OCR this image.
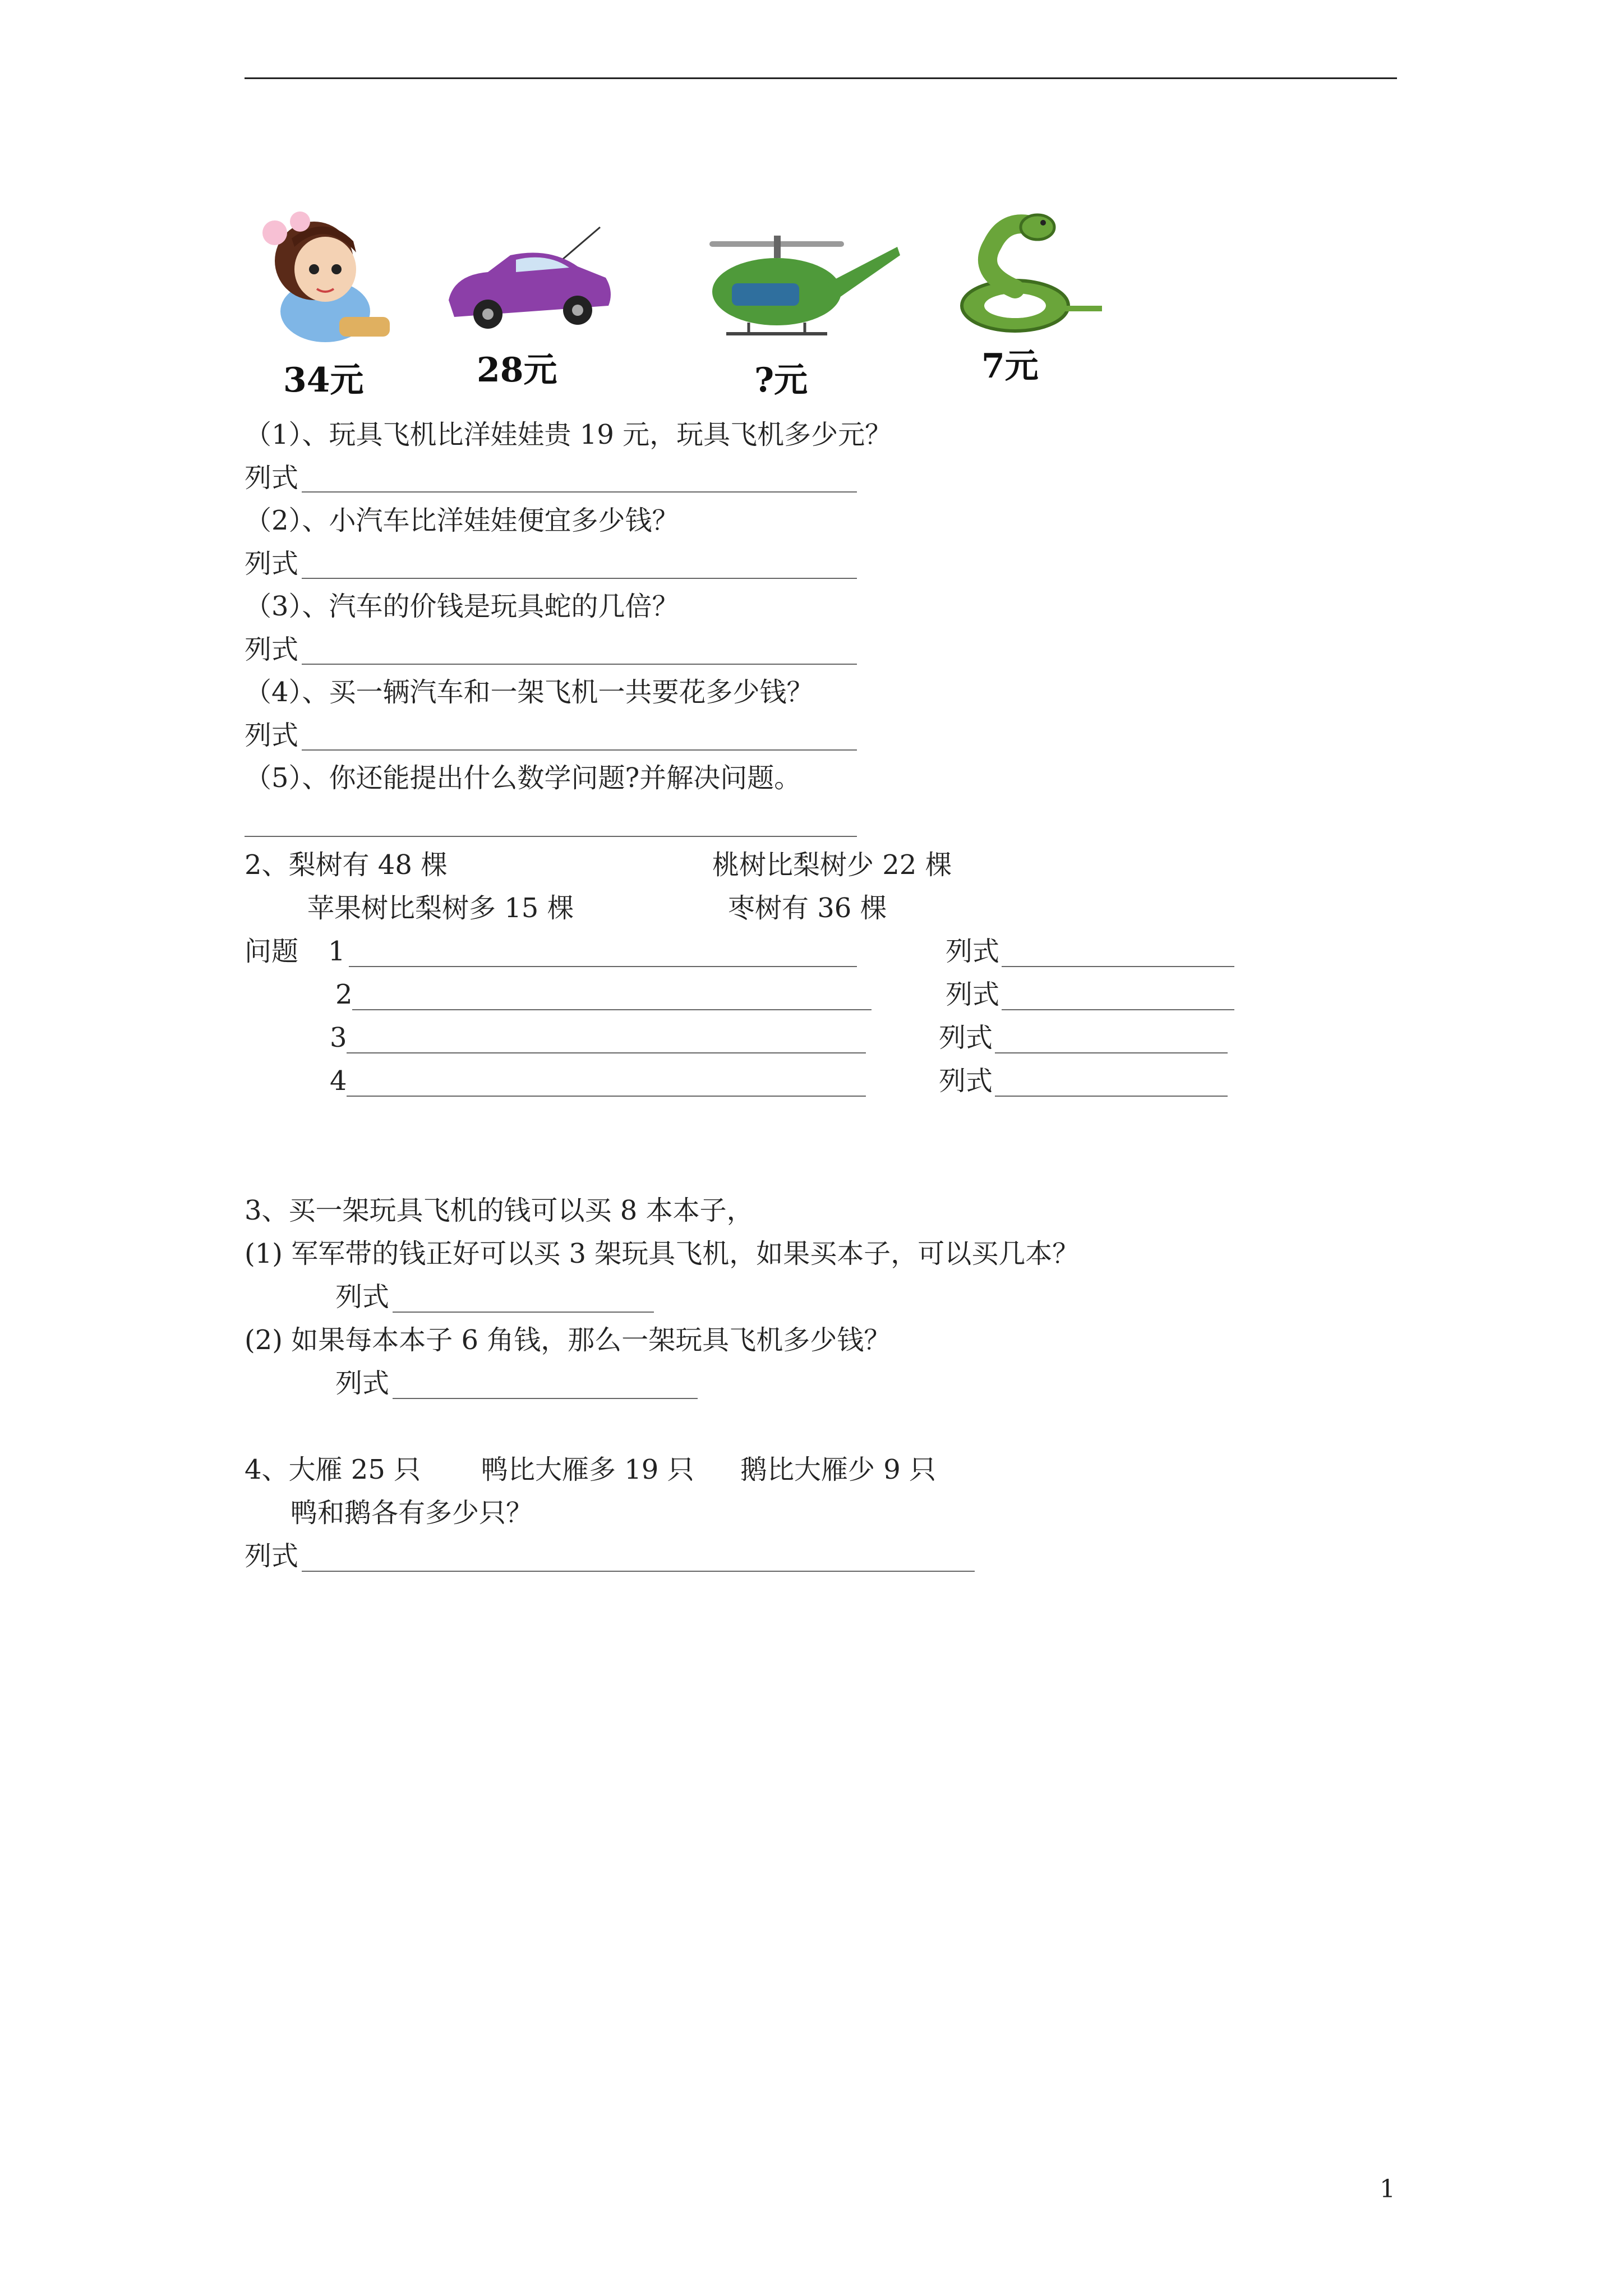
34元	28元	?元	7元
（1）、玩具飞机比洋娃娃贵 19 元，玩具飞机多少元？
列式
（2）、小汽车比洋娃娃便宜多少钱？
列式
（3）、汽车的价钱是玩具蛇的几倍？
列式
（4）、买一辆汽车和一架飞机一共要花多少钱？
列式
（5）、你还能提出什么数学问题?并解决问题。
2、梨树有 48 棵	桃树比梨树少 22 棵
苹果树比梨树多 15 棵	枣树有 36 棵
问题 1	列式
2	列式
3	列式
4	列式
3、买一架玩具飞机的钱可以买 8 本本子，
(1) 军军带的钱正好可以买 3 架玩具飞机，如果买本子，可以买几本？
列式
(2) 如果每本本子 6 角钱，那么一架玩具飞机多少钱？
列式
4、大雁 25 只 鸭比大雁多 19 只 鹅比大雁少 9 只
鸭和鹅各有多少只？
列式
1
